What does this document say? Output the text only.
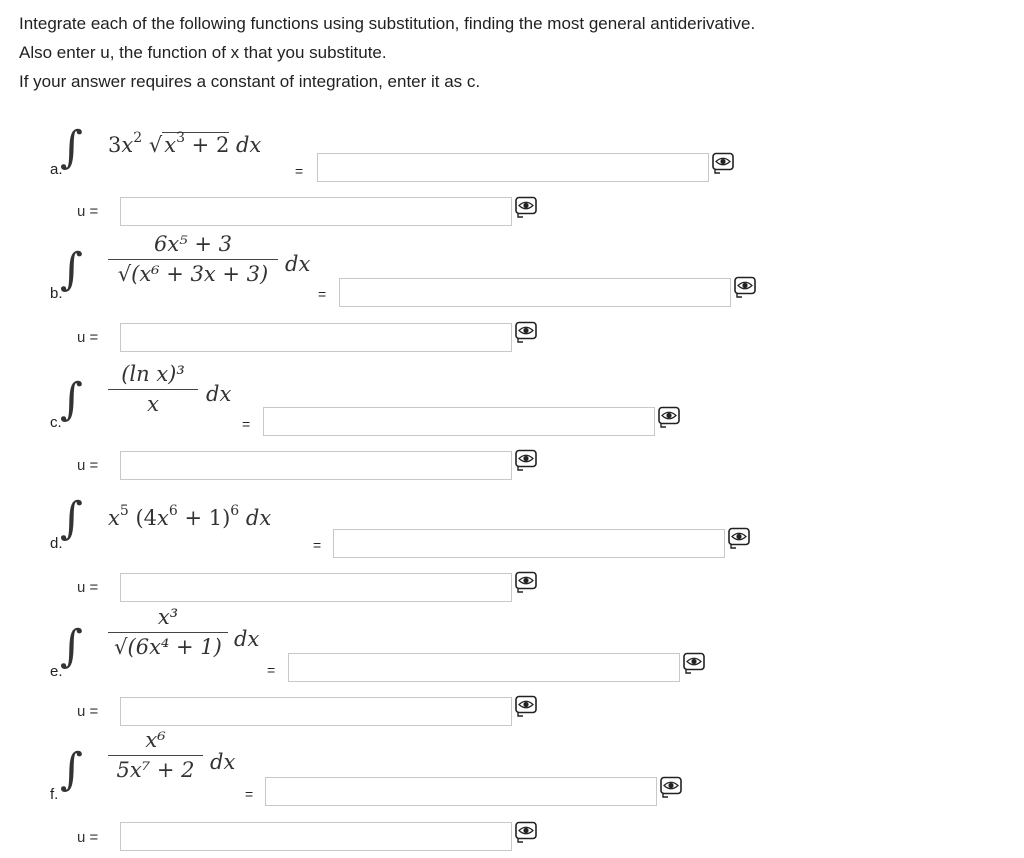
Integrate each of the following functions using substitution, finding the most general antiderivative.
Also enter u, the function of x that you substitute.
If your answer requires a constant of integration, enter it as c.
a.
∫ $3x^2$ $√x^3 + 2$ dx
=
u =
b.
∫ $\frac{\text{6x⁵ + 3}}{\text{√(x⁶ + 3x + 3)}}$ dx
=
u =
c.
∫ $\frac{\text{(ln x)³}}{x}$ dx
=
u =
d.
∫ $x^5$ $(4x^6 + 1)^6$ dx
=
u =
e.
∫ $\frac{\text{x³}}{\text{√(6x⁴ + 1)}}$ dx
=
u =
f. ∫ $\frac{\text{x⁶}}{\text{5x⁷ + 2}}$ dx
=
u =
